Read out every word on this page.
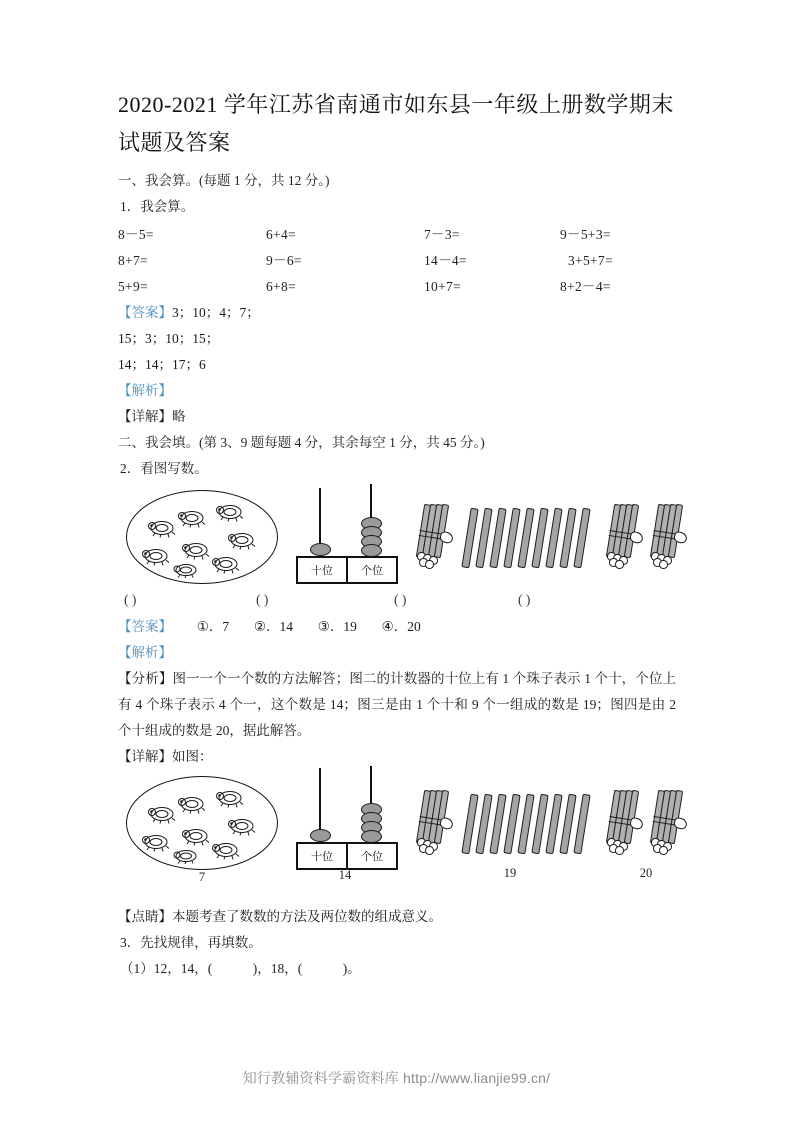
2020-2021 学年江苏省南通市如东县一年级上册数学期末试题及答案
一、我会算。(每题 1 分，共 12 分。)
1．我会算。
8－5=	6+4=	7－3=	9－5+3=
8+7=	9－6=	14－4=	3+5+7=
5+9=	6+8=	10+7=	8+2－4=
【答案】3；10；4；7；
15；3；10；15；
14；14；17；6
【解析】
【详解】略
二、我会填。(第 3、9 题每题 4 分，其余每空 1 分，共 45 分。)
2．看图写数。
十位	个位
( )	( )	( )	( )
【答案】 ①．7 ②．14 ③．19 ④．20
【解析】
【分析】图一一个一个数的方法解答；图二的计数器的十位上有 1 个珠子表示 1 个十，个位上有 4 个珠子表示 4 个一，这个数是 14；图三是由 1 个十和 9 个一组成的数是 19；图四是由 2 个十组成的数是 20，据此解答。
【详解】如图：
7
十位	个位
14	19	20
【点睛】本题考查了数数的方法及两位数的组成意义。
3．先找规律，再填数。
（1）12，14，(            )，18，(            )。
知行教辅资料学霸资料库 http://www.lianjie99.cn/
